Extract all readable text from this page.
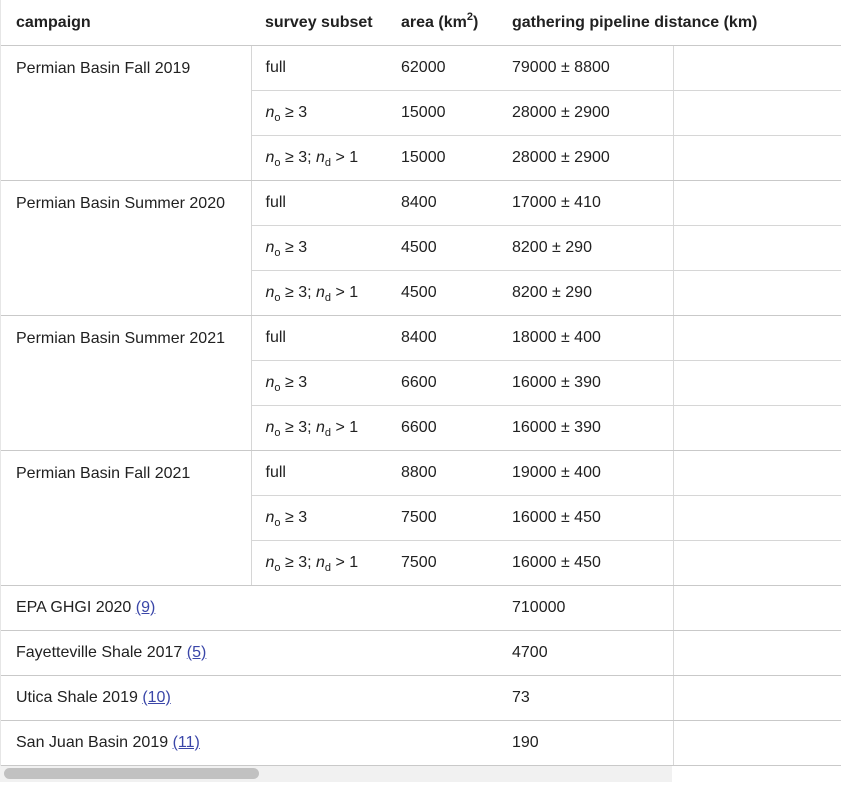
campaign	survey subset	area $(km^2)$	gathering pipeline distance (km)
Permian Basin Fall 2019	full	62000	79000 ± 8800
	$n_o \ge 3$	15000	28000 ± 2900
	$n_o \ge 3$; $n_d > 1$	15000	28000 ± 2900
Permian Basin Summer 2020	full	8400	17000 ± 410
	$n_o \ge 3$	4500	8200 ± 290
	$n_o \ge 3$; $n_d > 1$	4500	8200 ± 290
Permian Basin Summer 2021	full	8400	18000 ± 400
	$n_o \ge 3$	6600	16000 ± 390
	$n_o \ge 3$; $n_d > 1$	6600	16000 ± 390
Permian Basin Fall 2021	full	8800	19000 ± 400
	$n_o \ge 3$	7500	16000 ± 450
	$n_o \ge 3$; $n_d > 1$	7500	16000 ± 450
EPA GHGI 2020 (9)			710000
Fayetteville Shale 2017 (5)			4700
Utica Shale 2019 (10)			73
San Juan Basin 2019 (11)			190
